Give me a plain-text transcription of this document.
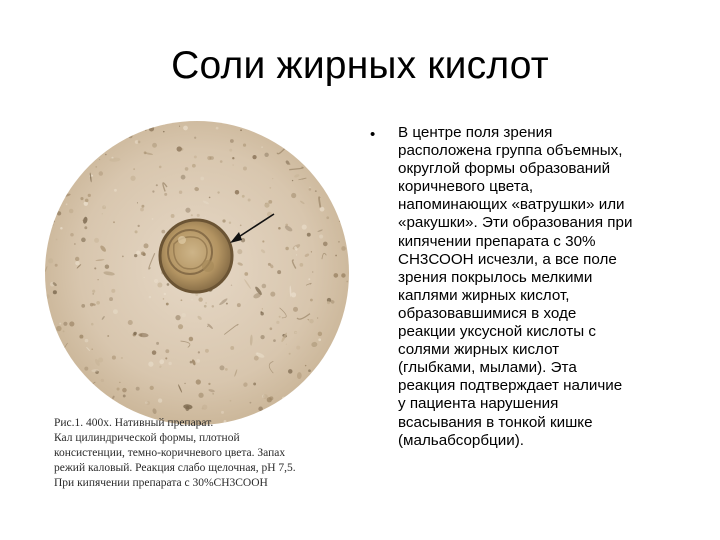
Соли жирных кислот
Рис.1. 400х. Нативный препарат.
Кал цилиндрической формы, плотной
консистенции, темно-коричневого цвета. Запах
режий каловый. Реакция слабо щелочная, pH 7,5.
При кипячении препарата с 30%CH3COOH
• В центре поля зрения
расположена группа объемных,
округлой формы образований
коричневого цвета,
напоминающих «ватрушки» или
«ракушки». Эти образования при
кипячении препарата с 30%
СН3СООН исчезли, а все поле
зрения покрылось мелкими
каплями жирных кислот,
образовавшимися в ходе
реакции уксусной кислоты с
солями жирных кислот
(глыбками, мылами). Эта
реакция подтверждает наличие
у пациента нарушения
всасывания в тонкой кишке
(мальабсорбции).
